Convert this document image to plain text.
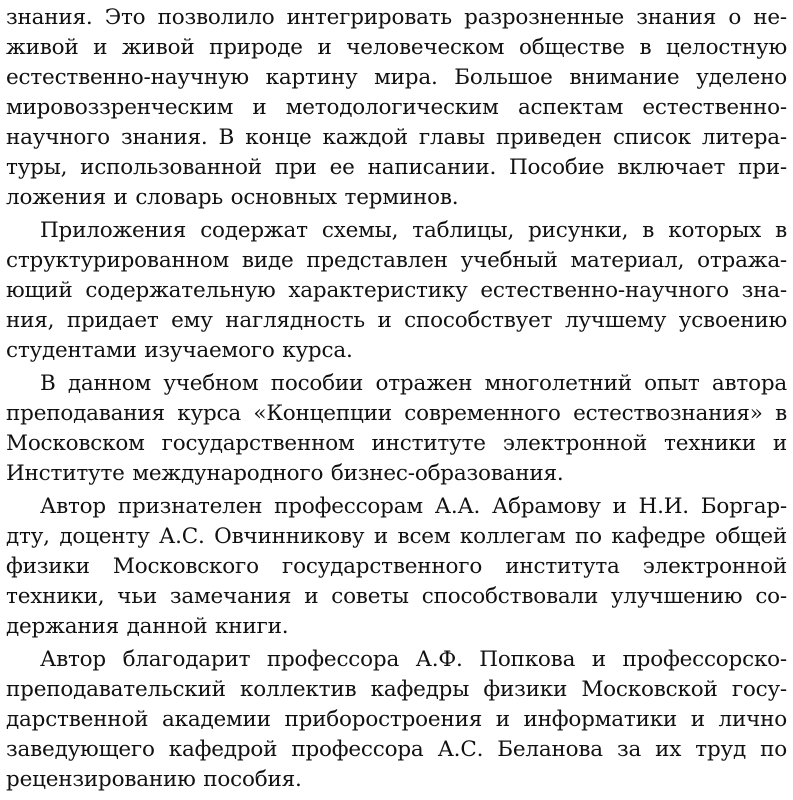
знания. Это позволило интегрировать разрозненные знания о не-
живой и живой природе и человеческом обществе в целостную
естественно-научную картину мира. Большое внимание уделено
мировоззренческим и методологическим аспектам естественно-
научного знания. В конце каждой главы приведен список литера-
туры, использованной при ее написании. Пособие включает при-
ложения и словарь основных терминов.
Приложения содержат схемы, таблицы, рисунки, в которых в
структурированном виде представлен учебный материал, отража-
ющий содержательную характеристику естественно-научного зна-
ния, придает ему наглядность и способствует лучшему усвоению
студентами изучаемого курса.
В данном учебном пособии отражен многолетний опыт автора
преподавания курса «Концепции современного естествознания» в
Московском государственном институте электронной техники и
Институте международного бизнес-образования.
Автор признателен профессорам А.А. Абрамову и Н.И. Боргар-
дту, доценту А.С. Овчинникову и всем коллегам по кафедре общей
физики Московского государственного института электронной
техники, чьи замечания и советы способствовали улучшению со-
держания данной книги.
Автор благодарит профессора А.Ф. Попкова и профессорско-
преподавательский коллектив кафедры физики Московской госу-
дарственной академии приборостроения и информатики и лично
заведующего кафедрой профессора А.С. Беланова за их труд по
рецензированию пособия.
